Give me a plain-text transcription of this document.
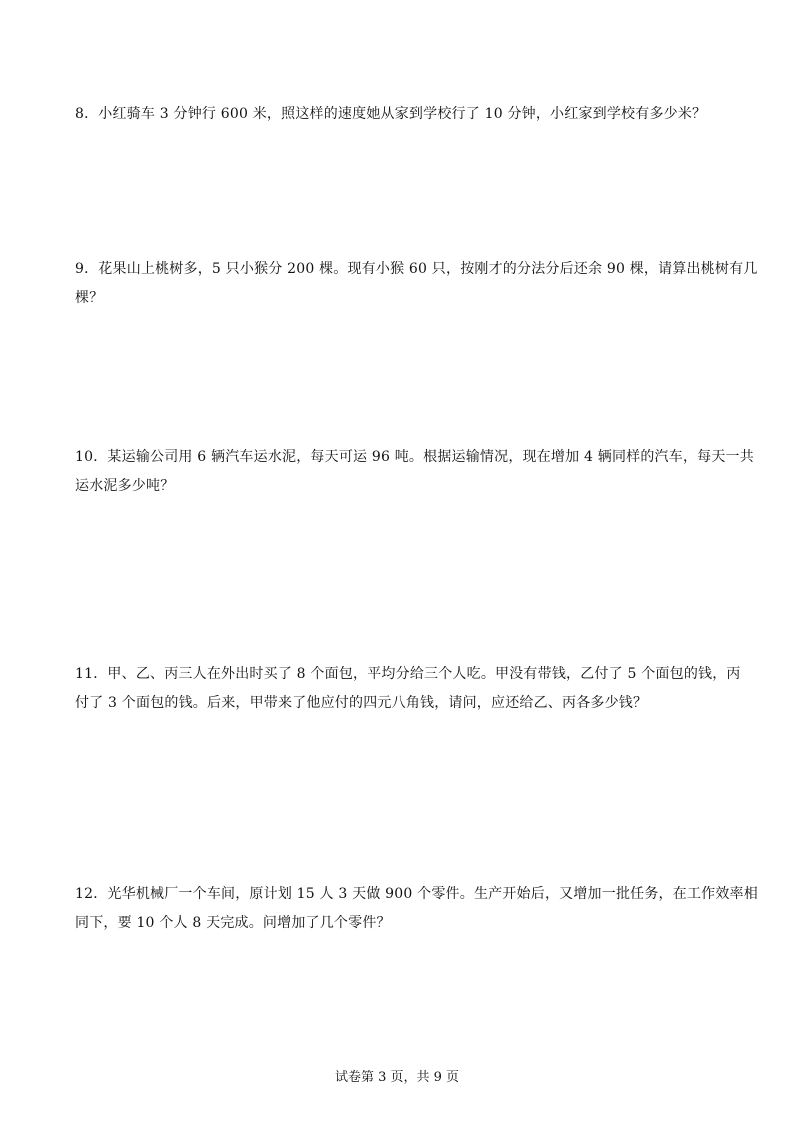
8．小红骑车 3 分钟行 600 米，照这样的速度她从家到学校行了 10 分钟，小红家到学校有多少米？
9．花果山上桃树多，5 只小猴分 200 棵。现有小猴 60 只，按刚才的分法分后还余 90 棵，请算出桃树有几
棵？
10．某运输公司用 6 辆汽车运水泥，每天可运 96 吨。根据运输情况，现在增加 4 辆同样的汽车，每天一共
运水泥多少吨？
11．甲、乙、丙三人在外出时买了 8 个面包，平均分给三个人吃。甲没有带钱，乙付了 5 个面包的钱，丙
付了 3 个面包的钱。后来，甲带来了他应付的四元八角钱，请问，应还给乙、丙各多少钱？
12．光华机械厂一个车间，原计划 15 人 3 天做 900 个零件。生产开始后，又增加一批任务，在工作效率相
同下，要 10 个人 8 天完成。问增加了几个零件？
试卷第 3 页，共 9 页
